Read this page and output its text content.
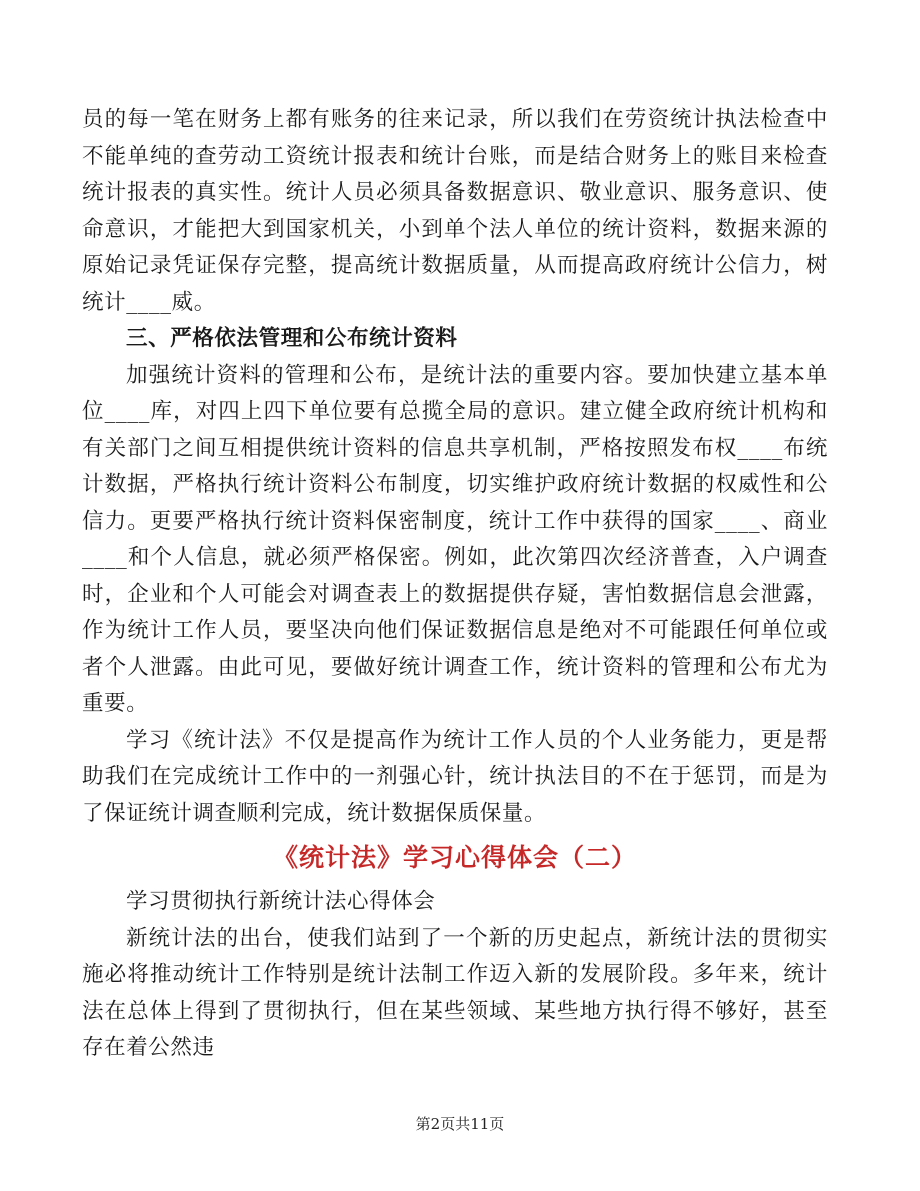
员的每一笔在财务上都有账务的往来记录，所以我们在劳资统计执法检查中不能单纯的查劳动工资统计报表和统计台账，而是结合财务上的账目来检查统计报表的真实性。统计人员必须具备数据意识、敬业意识、服务意识、使命意识，才能把大到国家机关，小到单个法人单位的统计资料，数据来源的原始记录凭证保存完整，提高统计数据质量，从而提高政府统计公信力，树统计____威。

三、严格依法管理和公布统计资料

加强统计资料的管理和公布，是统计法的重要内容。要加快建立基本单位____库，对四上四下单位要有总揽全局的意识。建立健全政府统计机构和有关部门之间互相提供统计资料的信息共享机制，严格按照发布权____布统计数据，严格执行统计资料公布制度，切实维护政府统计数据的权威性和公信力。更要严格执行统计资料保密制度，统计工作中获得的国家____、商业____和个人信息，就必须严格保密。例如，此次第四次经济普查，入户调查时，企业和个人可能会对调查表上的数据提供存疑，害怕数据信息会泄露，作为统计工作人员，要坚决向他们保证数据信息是绝对不可能跟任何单位或者个人泄露。由此可见，要做好统计调查工作，统计资料的管理和公布尤为重要。

学习《统计法》不仅是提高作为统计工作人员的个人业务能力，更是帮助我们在完成统计工作中的一剂强心针，统计执法目的不在于惩罚，而是为了保证统计调查顺利完成，统计数据保质保量。

《统计法》学习心得体会（二）

学习贯彻执行新统计法心得体会

新统计法的出台，使我们站到了一个新的历史起点，新统计法的贯彻实施必将推动统计工作特别是统计法制工作迈入新的发展阶段。多年来，统计法在总体上得到了贯彻执行，但在某些领域、某些地方执行得不够好，甚至存在着公然违

第2页共11页
